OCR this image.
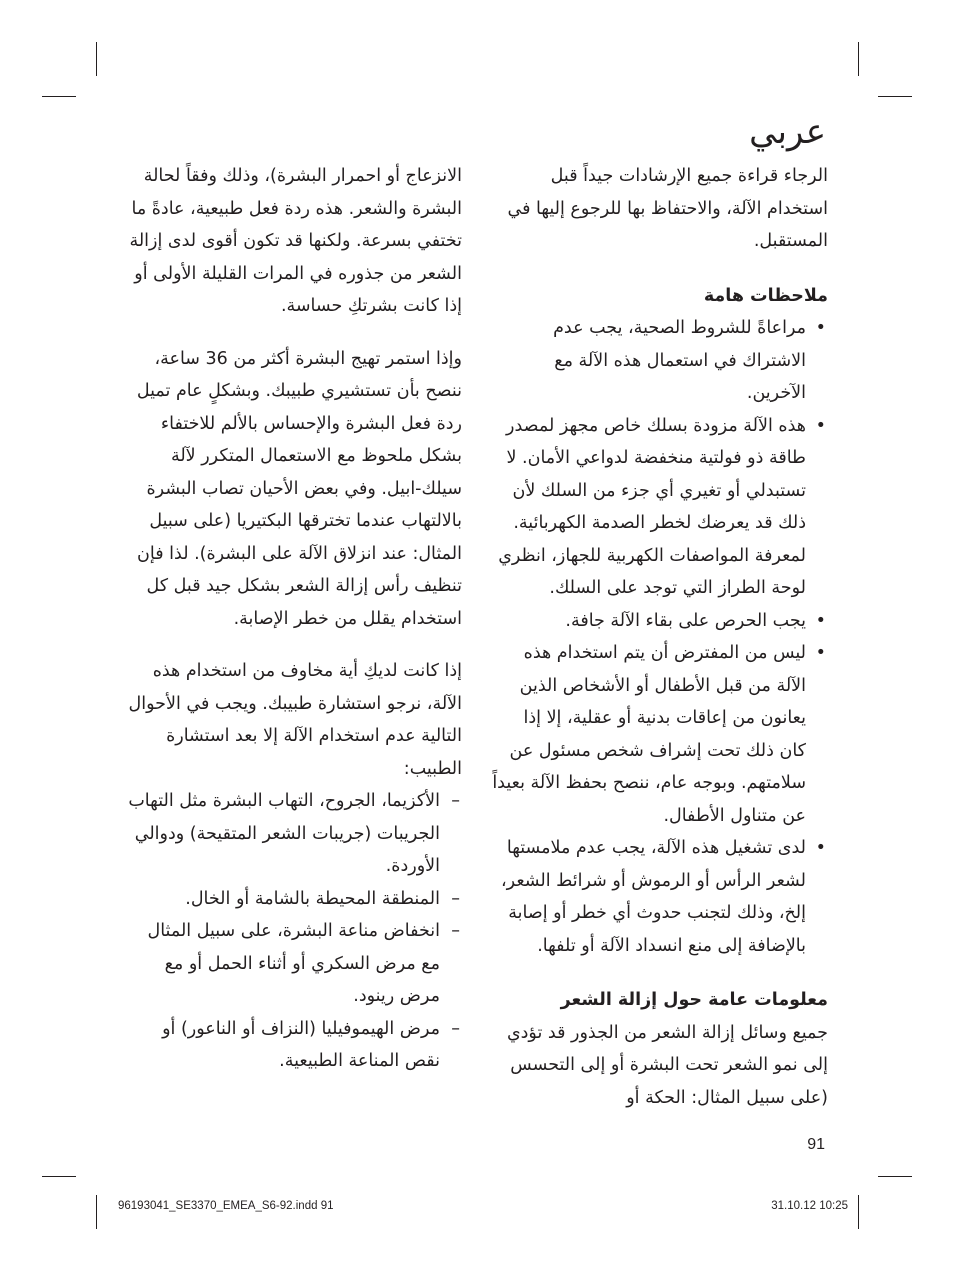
عربي

الرجاء قراءة جميع الإرشادات جيداً قبل استخدام الآلة، والاحتفاظ بها للرجوع إليها في المستقبل.

ملاحظات هامة
• مراعاةً للشروط الصحية، يجب عدم الاشتراك في استعمال هذه الآلة مع الآخرين.
• هذه الآلة مزودة بسلك خاص مجهز لمصدر طاقة ذو فولتية منخفضة لدواعي الأمان. لا تستبدلي أو تغيري أي جزء من السلك لأن ذلك قد يعرضك لخطر الصدمة الكهربائية. لمعرفة المواصفات الكهربية للجهاز، انظري لوحة الطراز التي توجد على السلك.
• يجب الحرص على بقاء الآلة جافة.
• ليس من المفترض أن يتم استخدام هذه الآلة من قبل الأطفال أو الأشخاص الذين يعانون من إعاقات بدنية أو عقلية، إلا إذا كان ذلك تحت إشراف شخص مسئول عن سلامتهم. وبوجه عام، ننصح بحفظ الآلة بعيداً عن متناول الأطفال.
• لدى تشغيل هذه الآلة، يجب عدم ملامستها لشعر الرأس أو الرموش أو شرائط الشعر، إلخ، وذلك لتجنب حدوث أي خطر أو إصابة بالإضافة إلى منع انسداد الآلة أو تلفها.
معلومات عامة حول إزالة الشعر

جميع وسائل إزالة الشعر من الجذور قد تؤدي إلى نمو الشعر تحت البشرة أو إلى التحسس (على سبيل المثال: الحكة أو

الانزعاج أو احمرار البشرة)، وذلك وفقاً لحالة البشرة والشعر. هذه ردة فعل طبيعية، عادةً ما تختفي بسرعة. ولكنها قد تكون أقوى لدى إزالة الشعر من جذوره في المرات القليلة الأولى أو إذا كانت بشرتكِ حساسة.

وإذا استمر تهيج البشرة أكثر من 36 ساعة، ننصح بأن تستشيري طبيبك. وبشكلٍ عام تميل ردة فعل البشرة والإحساس بالألم للاختفاء بشكل ملحوظ مع الاستعمال المتكرر لآلة سيلك-ابيل. وفي بعض الأحيان تصاب البشرة بالالتهاب عندما تخترقها البكتيريا (على سبيل المثال: عند انزلاق الآلة على البشرة). لذا فإن تنظيف رأس إزالة الشعر بشكل جيد قبل كل استخدام يقلل من خطر الإصابة.

إذا كانت لديكِ أية مخاوف من استخدام هذه الآلة، نرجو استشارة طبيبك. ويجب في الأحوال التالية عدم استخدام الآلة إلا بعد استشارة الطبيب:

– الأكزيما، الجروح، التهاب البشرة مثل التهاب الجريبات (جريبات الشعر المتقيحة) ودوالي الأوردة.
– المنطقة المحيطة بالشامة أو الخال.
– انخفاض مناعة البشرة، على سبيل المثال مع مرض السكري أو أثناء الحمل أو مع مرض رينود.
– مرض الهيموفيليا (النزاف أو الناعور) أو نقص المناعة الطبيعية.
91
96193041_SE3370_EMEA_S6-92.indd 91	31.10.12 10:25
